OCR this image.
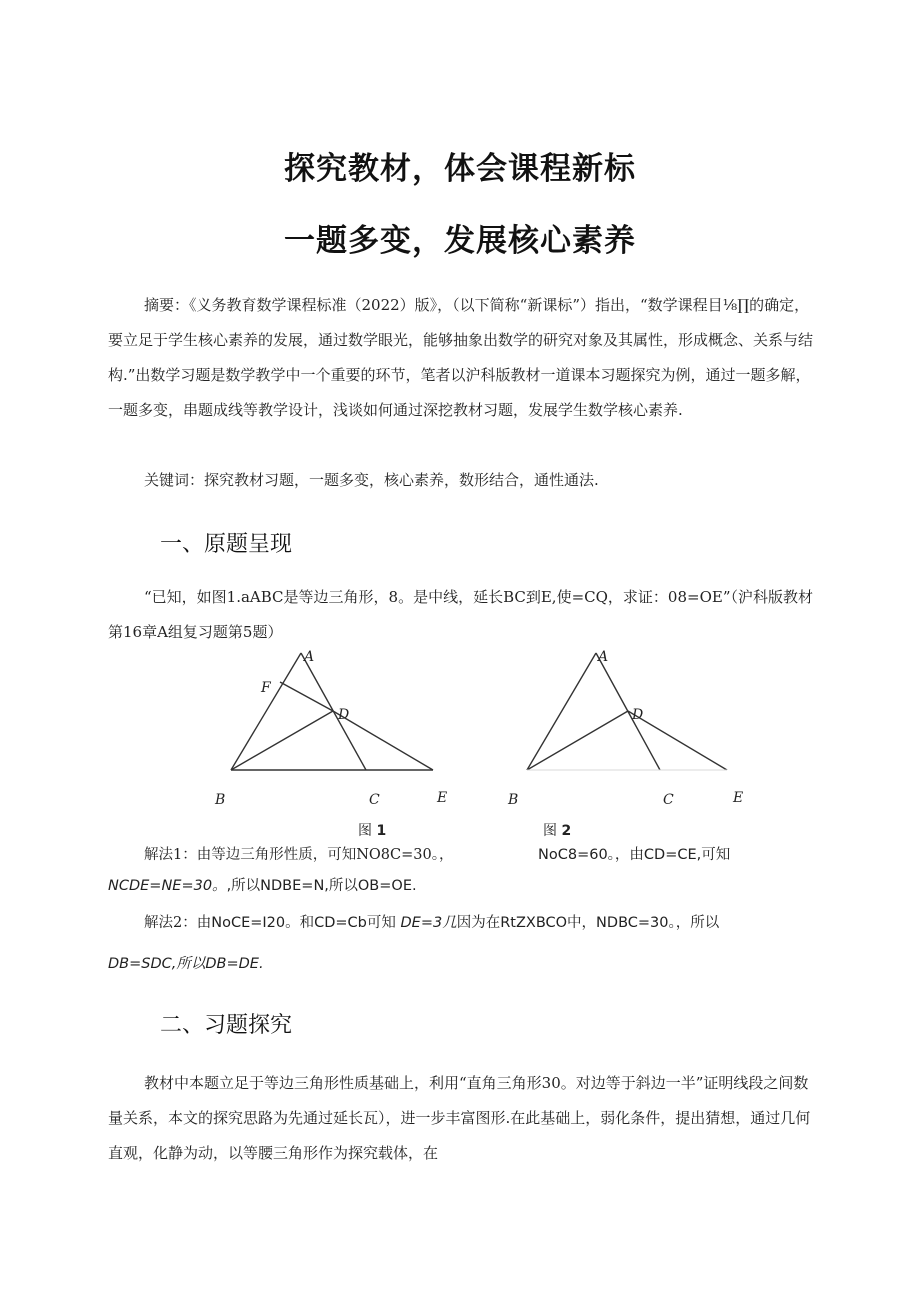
探究教材，体会课程新标
一题多变，发展核心素养
摘要：《义务教育数学课程标准（2022）版》，（以下简称“新课标”）指出，“数学课程目⅛∏的确定，要立足于学生核心素养的发展，通过数学眼光，能够抽象出数学的研究对象及其属性，形成概念、关系与结构.”出数学习题是数学教学中一个重要的环节，笔者以沪科版教材一道课本习题探究为例，通过一题多解，一题多变，串题成线等教学设计，浅谈如何通过深挖教材习题，发展学生数学核心素养.
关键词：探究教材习题，一题多变，核心素养，数形结合，通性通法.
一、原题呈现
“已知，如图1.aABC是等边三角形，8。是中线，延长BC到E,使=CQ，求证：08=OE”（沪科版教材第16章A组复习题第5题）
A
F
D
B	C	E
A
D
B	C	E
图 1	图 2
解法1：由等边三角形性质，可知NO8C=30。，	NoC8=60。，由CD=CE,可知
NCDE=NE=30。,所以NDBE=N,所以OB=OE.
解法2：由NoCE=I20。和CD=Cb可知 DE=3几因为在RtZXBCO中，NDBC=30。，所以
DB=SDC,所以DB=DE.
二、习题探究
教材中本题立足于等边三角形性质基础上，利用“直角三角形30。对边等于斜边一半”证明线段之间数量关系，本文的探究思路为先通过延长瓦），进一步丰富图形.在此基础上，弱化条件，提出猜想，通过几何直观，化静为动，以等腰三角形作为探究载体，在
